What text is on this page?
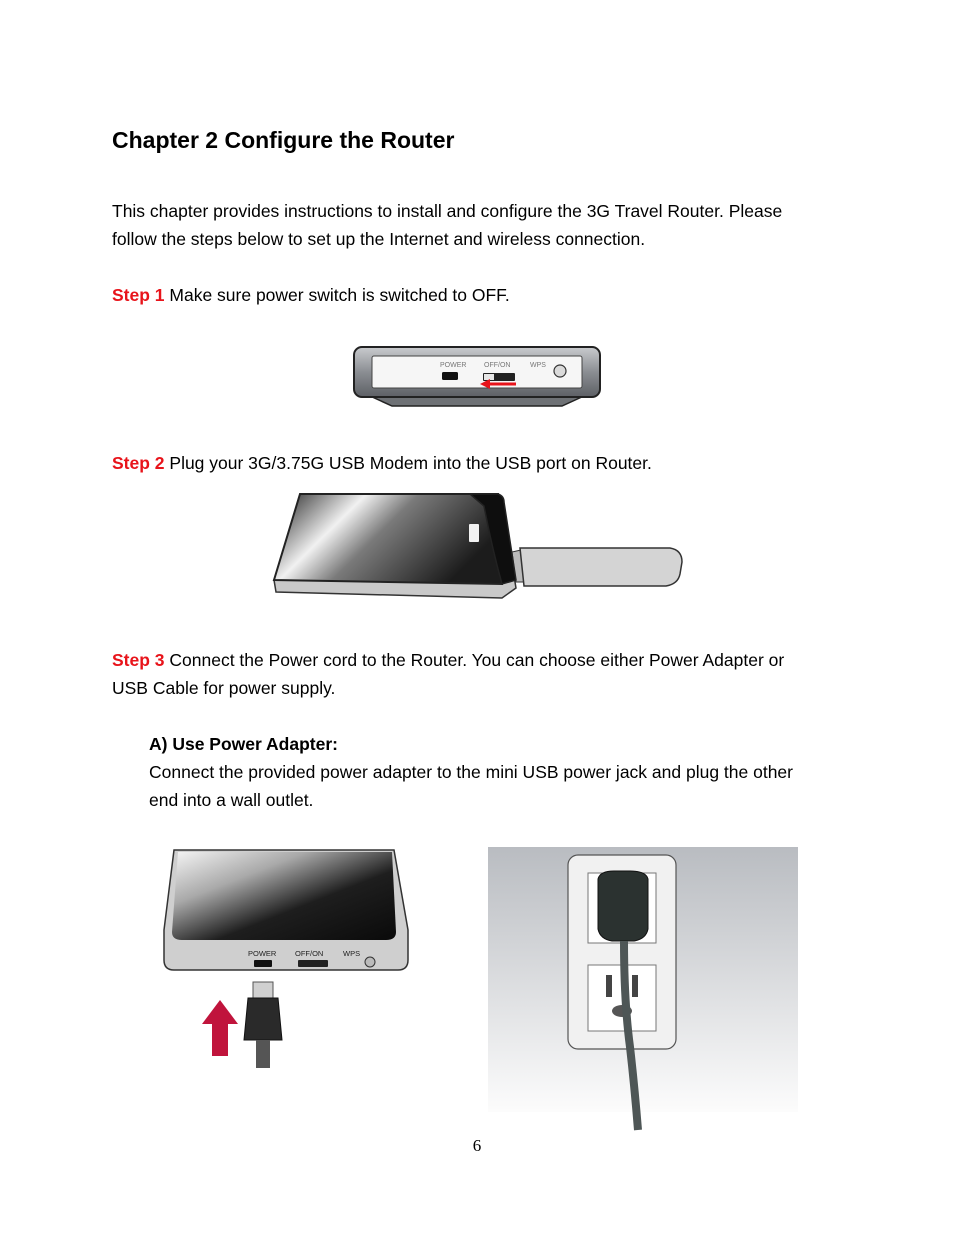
Chapter 2 Configure the Router

This chapter provides instructions to install and configure the 3G Travel Router. Please
follow the steps below to set up the Internet and wireless connection.

Step 1 Make sure power switch is switched to OFF.

POWER	OFF/ON	WPS

Step 2 Plug your 3G/3.75G USB Modem into the USB port on Router.

Step 3 Connect the Power cord to the Router. You can choose either Power Adapter or
USB Cable for power supply.

A) Use Power Adapter:
Connect the provided power adapter to the mini USB power jack and plug the other
end into a wall outlet.

POWER OFF/ON	WPS
6
